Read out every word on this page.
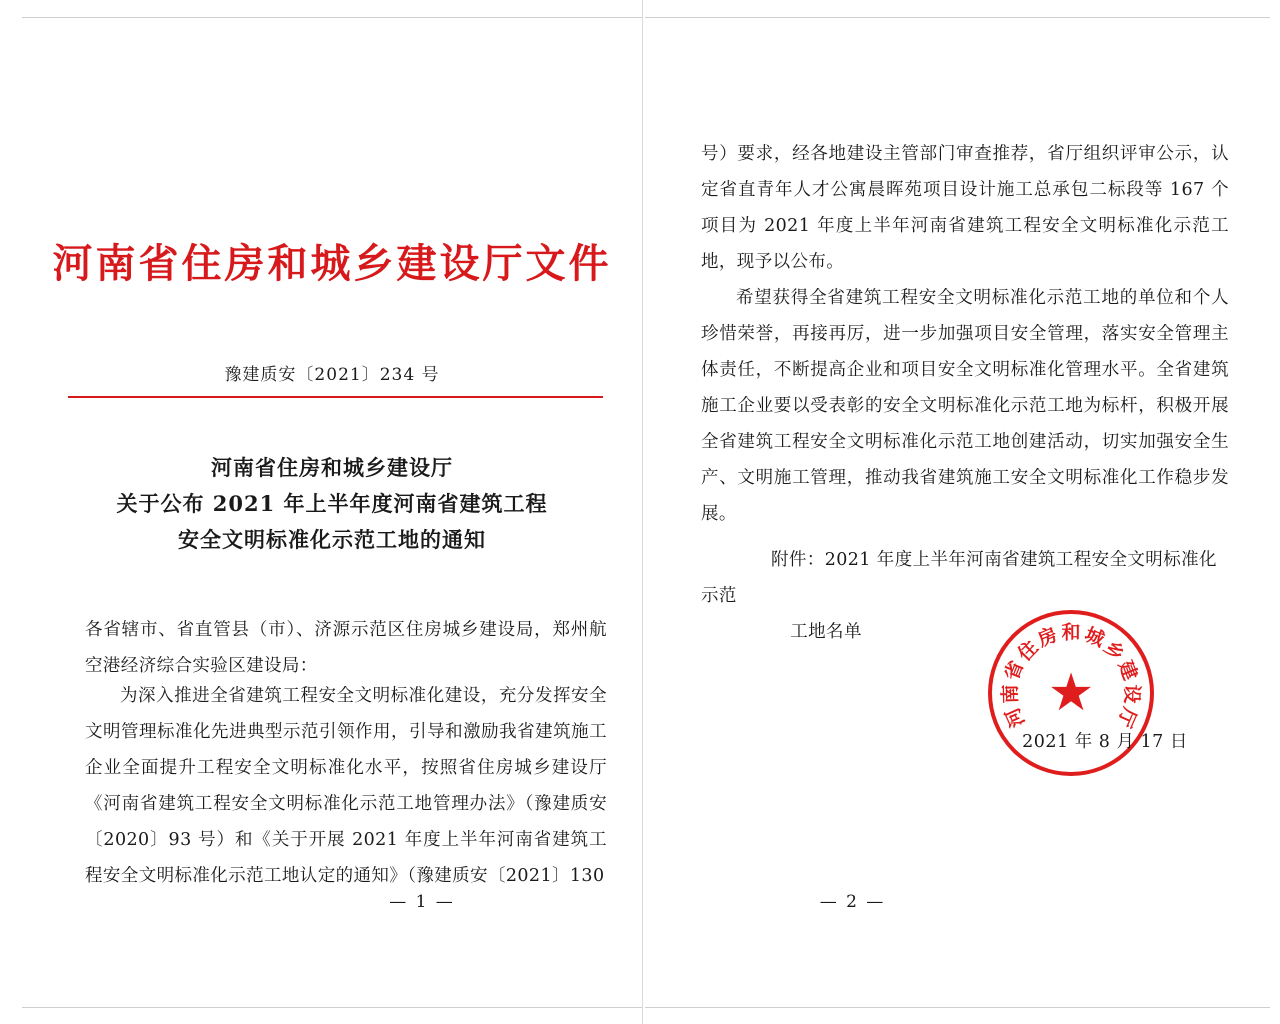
河南省住房和城乡建设厅文件
豫建质安〔2021〕234 号
河南省住房和城乡建设厅
关于公布 2021 年上半年度河南省建筑工程
安全文明标准化示范工地的通知
各省辖市、省直管县（市）、济源示范区住房城乡建设局，郑州航空港经济综合实验区建设局：
为深入推进全省建筑工程安全文明标准化建设，充分发挥安全文明管理标准化先进典型示范引领作用，引导和激励我省建筑施工企业全面提升工程安全文明标准化水平，按照省住房城乡建设厅《河南省建筑工程安全文明标准化示范工地管理办法》（豫建质安〔2020〕93 号）和《关于开展 2021 年度上半年河南省建筑工程安全文明标准化示范工地认定的通知》（豫建质安〔2021〕130
— 1 —
号）要求，经各地建设主管部门审查推荐，省厅组织评审公示，认定省直青年人才公寓晨晖苑项目设计施工总承包二标段等 167 个项目为 2021 年度上半年河南省建筑工程安全文明标准化示范工地，现予以公布。
希望获得全省建筑工程安全文明标准化示范工地的单位和个人珍惜荣誉，再接再厉，进一步加强项目安全管理，落实安全管理主体责任，不断提高企业和项目安全文明标准化管理水平。全省建筑施工企业要以受表彰的安全文明标准化示范工地为标杆，积极开展全省建筑工程安全文明标准化示范工地创建活动，切实加强安全生产、文明施工管理，推动我省建筑施工安全文明标准化工作稳步发展。
附件：2021 年度上半年河南省建筑工程安全文明标准化示范
工地名单
河
南
省
住
房 和 城
乡
建
设
厅
★
2021 年 8 月 17 日
— 2 —
